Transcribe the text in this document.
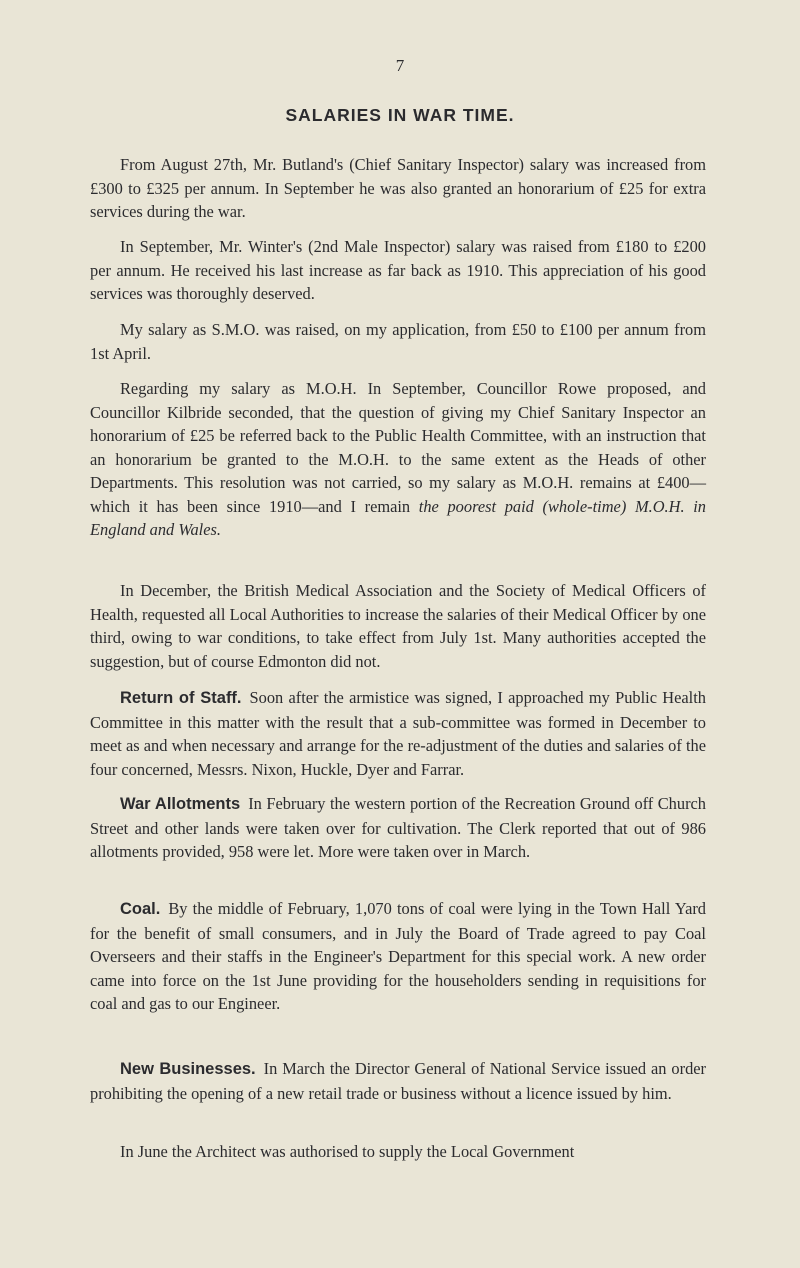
7
SALARIES IN WAR TIME.

From August 27th, Mr. Butland's (Chief Sanitary Inspector) salary was increased from £300 to £325 per annum. In September he was also granted an honorarium of £25 for extra services during the war.

In September, Mr. Winter's (2nd Male Inspector) salary was raised from £180 to £200 per annum. He received his last increase as far back as 1910. This appreciation of his good services was thoroughly deserved.

My salary as S.M.O. was raised, on my application, from £50 to £100 per annum from 1st April.

Regarding my salary as M.O.H. In September, Councillor Rowe proposed, and Councillor Kilbride seconded, that the question of giving my Chief Sanitary Inspector an honorarium of £25 be referred back to the Public Health Committee, with an instruction that an honorarium be granted to the M.O.H. to the same extent as the Heads of other Departments. This resolution was not carried, so my salary as M.O.H. remains at £400—which it has been since 1910—and I remain the poorest paid (whole-time) M.O.H. in England and Wales.

In December, the British Medical Association and the Society of Medical Officers of Health, requested all Local Authorities to increase the salaries of their Medical Officer by one third, owing to war conditions, to take effect from July 1st. Many authorities accepted the suggestion, but of course Edmonton did not.

Return of Staff. Soon after the armistice was signed, I approached my Public Health Committee in this matter with the result that a sub-committee was formed in December to meet as and when necessary and arrange for the re-adjustment of the duties and salaries of the four concerned, Messrs. Nixon, Huckle, Dyer and Farrar.

War Allotments In February the western portion of the Recreation Ground off Church Street and other lands were taken over for cultivation. The Clerk reported that out of 986 allotments provided, 958 were let. More were taken over in March.

Coal. By the middle of February, 1,070 tons of coal were lying in the Town Hall Yard for the benefit of small consumers, and in July the Board of Trade agreed to pay Coal Overseers and their staffs in the Engineer's Department for this special work. A new order came into force on the 1st June providing for the householders sending in requisitions for coal and gas to our Engineer.

New Businesses. In March the Director General of National Service issued an order prohibiting the opening of a new retail trade or business without a licence issued by him.

In June the Architect was authorised to supply the Local Government
